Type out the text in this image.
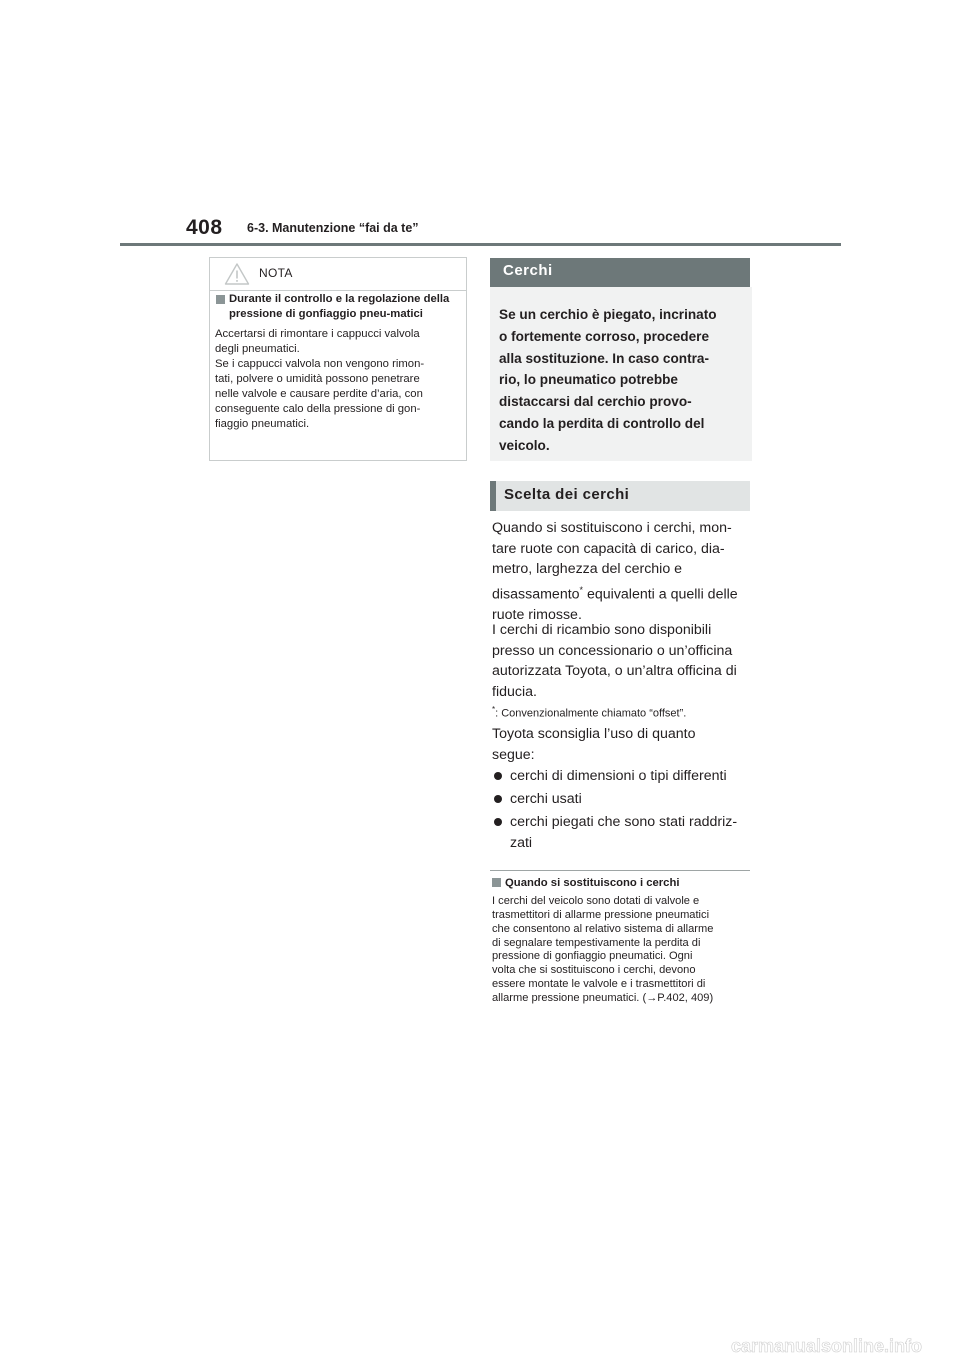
408 6-3. Manutenzione “fai da te”
NOTA
Durante il controllo e la regolazione della pressione di gonfiaggio pneu-matici
Accertarsi di rimontare i cappucci valvola
degli pneumatici.
Se i cappucci valvola non vengono rimon-
tati, polvere o umidità possono penetrare
nelle valvole e causare perdite d’aria, con
conseguente calo della pressione di gon-
fiaggio pneumatici.
Cerchi
Se un cerchio è piegato, incrinato
o fortemente corroso, procedere
alla sostituzione. In caso contra-
rio, lo pneumatico potrebbe
distaccarsi dal cerchio provo-
cando la perdita di controllo del
veicolo.
Scelta dei cerchi
Quando si sostituiscono i cerchi, mon-
tare ruote con capacità di carico, dia-
metro, larghezza del cerchio e
disassamento* equivalenti a quelli delle
ruote rimosse.
I cerchi di ricambio sono disponibili
presso un concessionario o un’officina
autorizzata Toyota, o un’altra officina di
fiducia.
*: Convenzionalmente chiamato “offset”.
Toyota sconsiglia l’uso di quanto
segue:
cerchi di dimensioni o tipi differenti
cerchi usati
cerchi piegati che sono stati raddriz-
zati
Quando si sostituiscono i cerchi
I cerchi del veicolo sono dotati di valvole e
trasmettitori di allarme pressione pneumatici
che consentono al relativo sistema di allarme
di segnalare tempestivamente la perdita di
pressione di gonfiaggio pneumatici. Ogni
volta che si sostituiscono i cerchi, devono
essere montate le valvole e i trasmettitori di
allarme pressione pneumatici. (→P.402, 409)
carmanualsonline.info
